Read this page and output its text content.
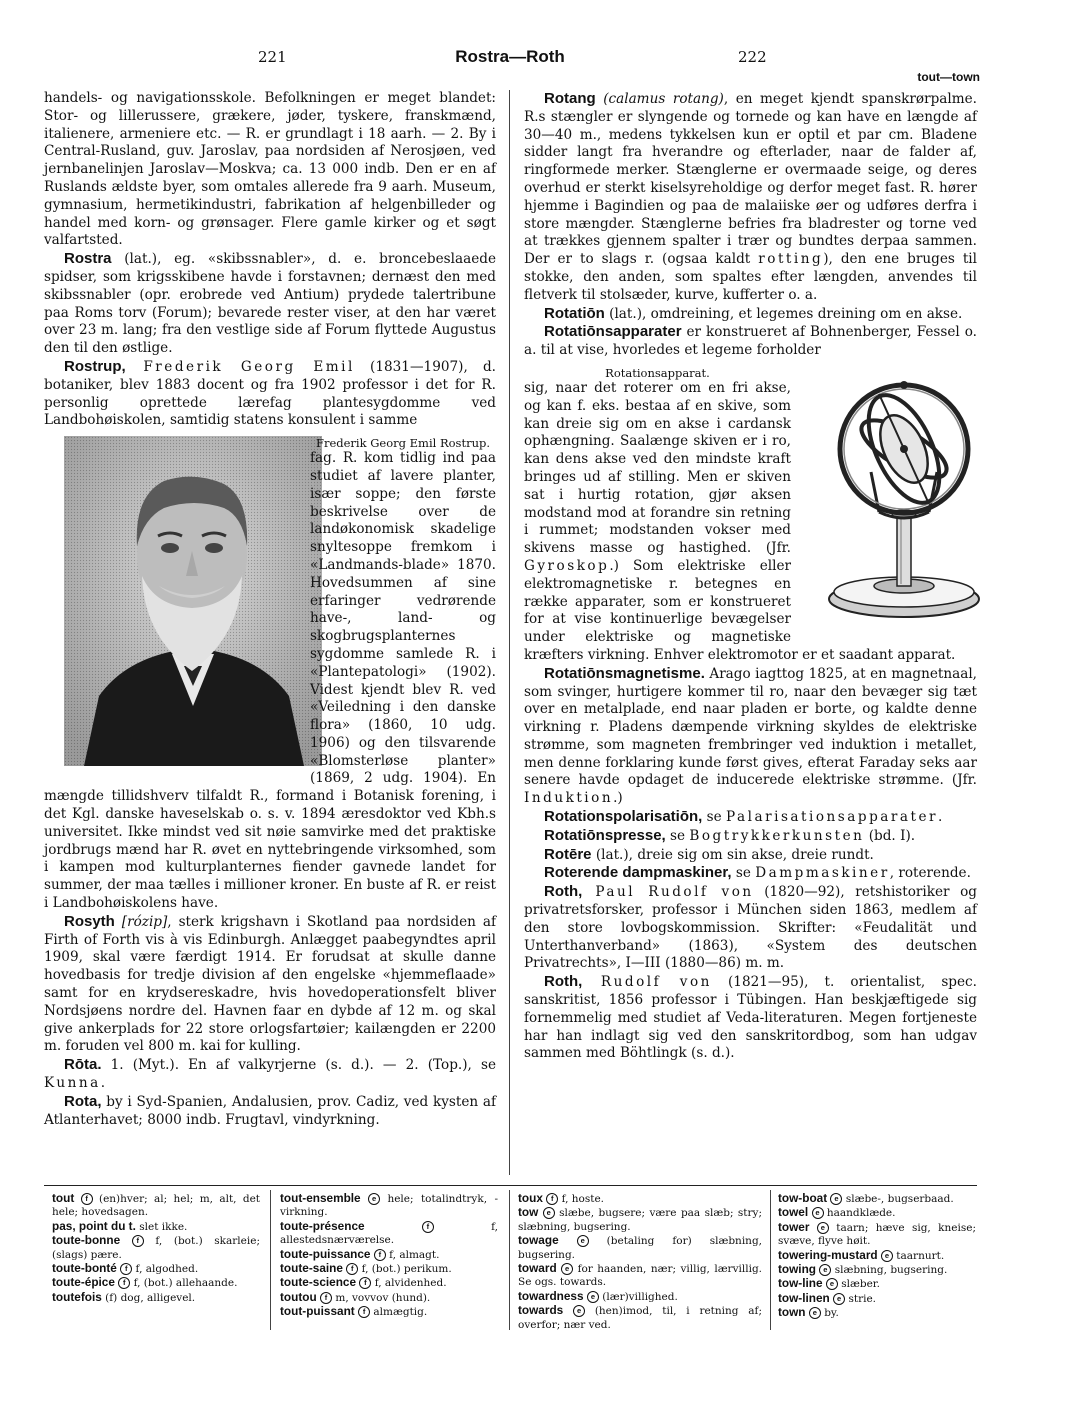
221	Rostra—Roth	222
tout—town

handels- og navigationsskole. Befolkningen er meget blandet: Stor- og lillerussere, grækere, jøder, tyskere, franskmænd, italienere, armeniere etc. — R. er grundlagt i 18 aarh. — 2. By i Central-Rusland, guv. Jaroslav, paa nordsiden af Nerosjøen, ved jernbanelinjen Jaroslav—Moskva; ca. 13 000 indb. Den er en af Ruslands ældste byer, som omtales allerede fra 9 aarh. Museum, gymnasium, hermetikindustri, fabrikation af helgenbilleder og handel med korn- og grønsager. Flere gamle kirker og et søgt valfartsted.

Rostra (lat.), eg. «skibssnabler», d. e. broncebeslaaede spidser, som krigsskibene havde i forstavnen; dernæst den med skibssnabler (opr. erobrede ved Antium) prydede talertribune paa Roms torv (Forum); bevarede rester viser, at den har været over 23 m. lang; fra den vestlige side af Forum flyttede Augustus den til den østlige.

Rostrup, Frederik Georg Emil (1831—1907), d. botaniker, blev 1883 docent og fra 1902 professor i det for R. personlig oprettede lærefag plantesygdomme ved Landbohøiskolen, samtidig statens konsulent i samme

Frederik Georg Emil Rostrup.
fag. R. kom tidlig ind paa studiet af lavere planter, især soppe; den første beskrivelse over de landøkonomisk skadelige snyltesoppe fremkom i «Landmands-blade» 1870. Hovedsummen af sine erfaringer vedrørende have-, land- og skogbrugsplanternes sygdomme samlede R. i «Plantepatologi» (1902). Videst kjendt blev R. ved «Veiledning i den danske flora» (1860, 10 udg. 1906) og den tilsvarende «Blomsterløse planter» (1869, 2 udg. 1904). En mængde tillidshverv tilfaldt R., formand i Botanisk forening, i det Kgl. danske haveselskab o. s. v. 1894 æresdoktor ved Kbh.s universitet. Ikke mindst ved sit nøie samvirke med det praktiske jordbrugs mænd har R. øvet en nyttebringende virksomhed, som i kampen mod kulturplanternes fiender gavnede landet for summer, der maa tælles i millioner kroner. En buste af R. er reist i Landbohøiskolens have.

Rosyth [rózip], sterk krigshavn i Skotland paa nordsiden af Firth of Forth vis à vis Edinburgh. Anlægget paabegyndtes april 1909, skal være færdigt 1914. Er forudsat at skulle danne hovedbasis for tredje division af den engelske «hjemmeflaade» samt for en krydsereskadre, hvis hovedoperationsfelt bliver Nordsjøens nordre del. Havnen faar en dybde af 12 m. og skal give ankerplads for 22 store orlogsfartøier; kailængden er 2200 m. foruden vel 800 m. kai for kulling.

Rōta. 1. (Myt.). En af valkyrjerne (s. d.). — 2. (Top.), se Kunna.

Rota, by i Syd-Spanien, Andalusien, prov. Cadiz, ved kysten af Atlanterhavet; 8000 indb. Frugtavl, vindyrkning.

Rotang (calamus rotang), en meget kjendt spanskrørpalme. R.s stængler er slyngende og tornede og kan have en længde af 30—40 m., medens tykkelsen kun er optil et par cm. Bladene sidder langt fra hverandre og efterlader, naar de falder af, ringformede merker. Stænglerne er overmaade seige, og deres overhud er sterkt kiselsyreholdige og derfor meget fast. R. hører hjemme i Bagindien og paa de malaiiske øer og udføres derfra i store mængder. Stænglerne befries fra bladrester og torne ved at trækkes gjennem spalter i trær og bundtes derpaa sammen. Der er to slags r. (ogsaa kaldt rotting), den ene bruges til stokke, den anden, som spaltes efter længden, anvendes til fletverk til stolsæder, kurve, kufferter o. a.

Rotatiōn (lat.), omdreining, et legemes dreining om en akse.

Rotatiōnsapparater er konstrueret af Bohnenberger, Fessel o. a. til at vise, hvorledes et legeme forholder

Rotationsapparat.
sig, naar det roterer om en fri akse, og kan f. eks. bestaa af en skive, som kan dreie sig om en akse i cardansk ophængning. Saalænge skiven er i ro, kan dens akse ved den mindste kraft bringes ud af stilling. Men er skiven sat i hurtig rotation, gjør aksen modstand mod at forandre sin retning i rummet; modstanden vokser med skivens masse og hastighed. (Jfr. Gyroskop.) Som elektriske eller elektromagnetiske r. betegnes en række apparater, som er konstrueret for at vise kontinuerlige bevægelser under elektriske og magnetiske kræfters virkning. Enhver elektromotor er et saadant apparat.

Rotatiōnsmagnetisme. Arago iagttog 1825, at en magnetnaal, som svinger, hurtigere kommer til ro, naar den bevæger sig tæt over en metalplade, end naar pladen er borte, og kaldte denne virkning r. Pladens dæmpende virkning skyldes de elektriske strømme, som magneten frembringer ved induktion i metallet, men denne forklaring kunde først gives, efterat Faraday seks aar senere havde opdaget de inducerede elektriske strømme. (Jfr. Induktion.)

Rotationspolarisatiōn, se Palarisationsapparater.

Rotatiōnspresse, se Bogtrykkerkunsten (bd. I).

Rotēre (lat.), dreie sig om sin akse, dreie rundt.

Roterende dampmaskiner, se Dampmaskiner, roterende.

Roth, Paul Rudolf von (1820—92), retshistoriker og privatretsforsker, professor i München siden 1863, medlem af den store lovbogskommission. Skrifter: «Feudalität und Unterthanverband» (1863), «System des deutschen Privatrechts», I—III (1880—86) m. m.

Roth, Rudolf von (1821—95), t. orientalist, spec. sanskritist, 1856 professor i Tübingen. Han beskjæftigede sig fornemmelig med studiet af Veda-literaturen. Megen fortjeneste har han indlagt sig ved den sanskritordbog, som han udgav sammen med Böhtlingk (s. d.).

tout f (en)hver; al; hel; m, alt, det hele; hovedsagen.
pas, point du t. slet ikke.
toute-bonne f f, (bot.) skarleie; (slags) pære.
toute-bonté f f, algodhed.
toute-épice f f, (bot.) allehaande.
toutefois (f) dog, alligevel.
tout-ensemble e hele; totalindtryk, -virkning.
toute-présence	f f, allestedsnærværelse.
toute-puissance f f, almagt.
toute-saine f f, (bot.) perikum.
toute-science f f, alvidenhed.
toutou f m, vovvov (hund).
tout-puissant f almægtig.
toux f f, hoste.
tow e slæbe, bugsere; være paa slæb; stry; slæbning, bugsering.
towage	e (betaling for) slæbning, bugsering.
toward e for haanden, nær; villig, lærvillig. Se ogs. towards.
towardness e (lær)villighed.
towards e (hen)imod, til, i retning af; overfor; nær ved.
tow-boat e slæbe-, bugserbaad.
towel e haandklæde.
tower e taarn; hæve sig, kneise; svæve, flyve høit.
towering-mustard e taarnurt.
towing e slæbning, bugsering.
tow-line e slæber.
tow-linen e strie.
town e by.
